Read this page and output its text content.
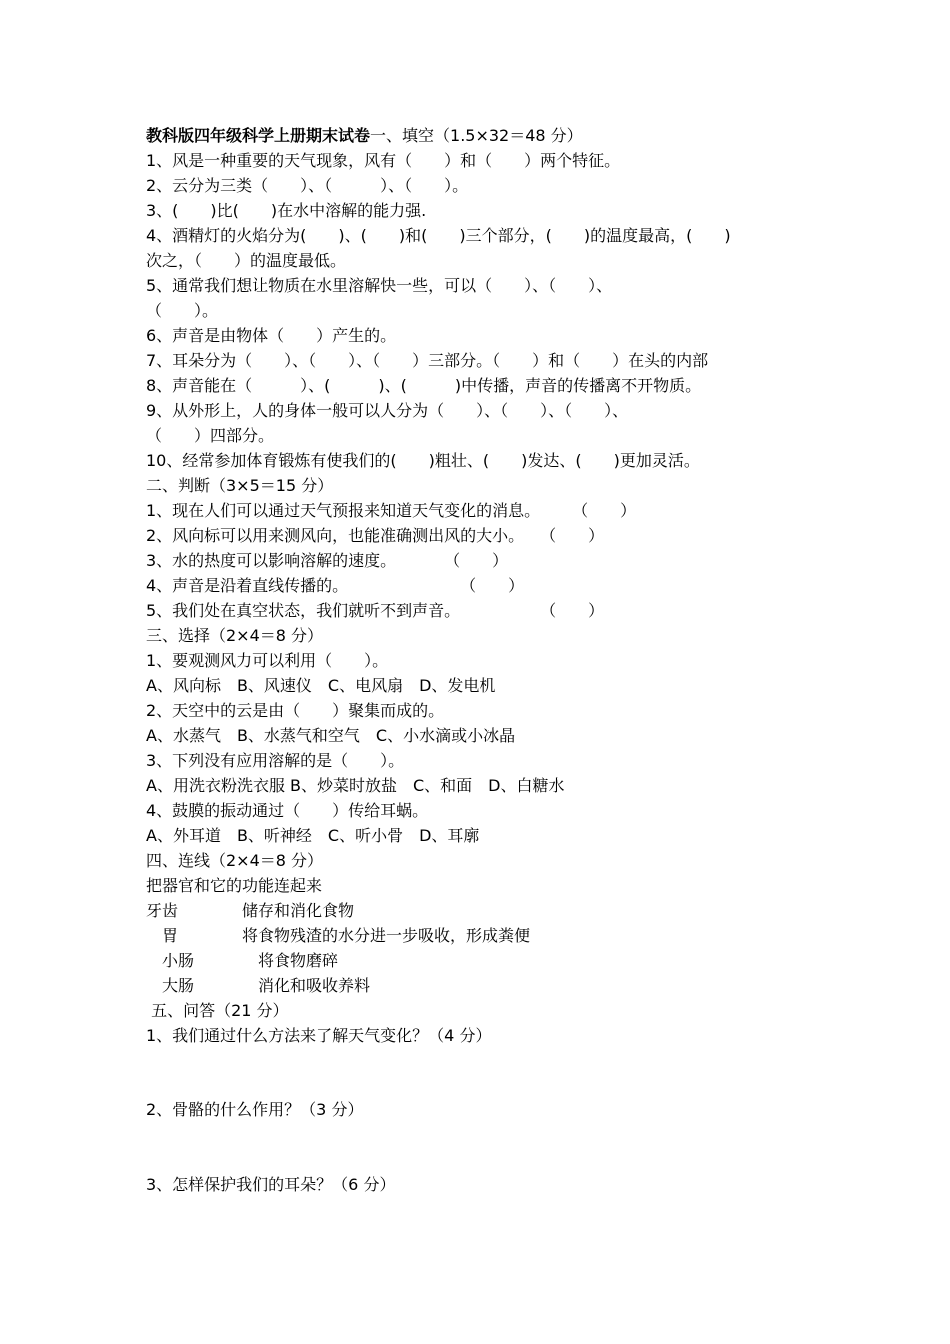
教科版四年级科学上册期末试卷一、填空（1.5×32＝48 分）
1、风是一种重要的天气现象，风有（　　）和（　　）两个特征。
2、云分为三类（　　）、（　　　）、（　　）。
3、(　　)比(　　)在水中溶解的能力强.
4、酒精灯的火焰分为(　　)、(　　)和(　　)三个部分，(　　)的温度最高，(　　)
次之，（　　）的温度最低。
5、通常我们想让物质在水里溶解快一些，可以（　　）、（　　）、
（　　）。
6、声音是由物体（　　）产生的。
7、耳朵分为（　　）、（　　）、（　　）三部分。（　　）和（　　）在头的内部
8、声音能在（　　　）、(　　　)、(　　　)中传播，声音的传播离不开物质。
9、从外形上，人的身体一般可以人分为（　　）、（　　）、（　　）、
（　　）四部分。
10、经常参加体育锻炼有使我们的(　　)粗壮、(　　)发达、(　　)更加灵活。
二、判断（3×5＝15 分）
1、现在人们可以通过天气预报来知道天气变化的消息。　　　（　　）
2、风向标可以用来测风向，也能准确测出风的大小。　　（　　）
3、水的热度可以影响溶解的速度。　　　　（　　）
4、声音是沿着直线传播的。　　　　　　　　（　　）
5、我们处在真空状态，我们就听不到声音。　　　　　　（　　）
三、选择（2×4＝8 分）
1、要观测风力可以利用（　　）。
A、风向标　B、风速仪　C、电风扇　D、发电机
2、天空中的云是由（　　）聚集而成的。
A、水蒸气　B、水蒸气和空气　C、小水滴或小冰晶
3、下列没有应用溶解的是（　　）。
A、用洗衣粉洗衣服 B、炒菜时放盐　C、和面　D、白糖水
4、鼓膜的振动通过（　　）传给耳蜗。
A、外耳道　B、听神经　C、听小骨　D、耳廓
四、连线（2×4＝8 分）
把器官和它的功能连起来
牙齿　　　　储存和消化食物
　胃　　　　将食物残渣的水分进一步吸收，形成粪便
　小肠　　　　将食物磨碎
　大肠　　　　消化和吸收养料
五、问答（21 分）
1、我们通过什么方法来了解天气变化？（4 分）
2、骨骼的什么作用？（3 分）
3、怎样保护我们的耳朵？（6 分）
